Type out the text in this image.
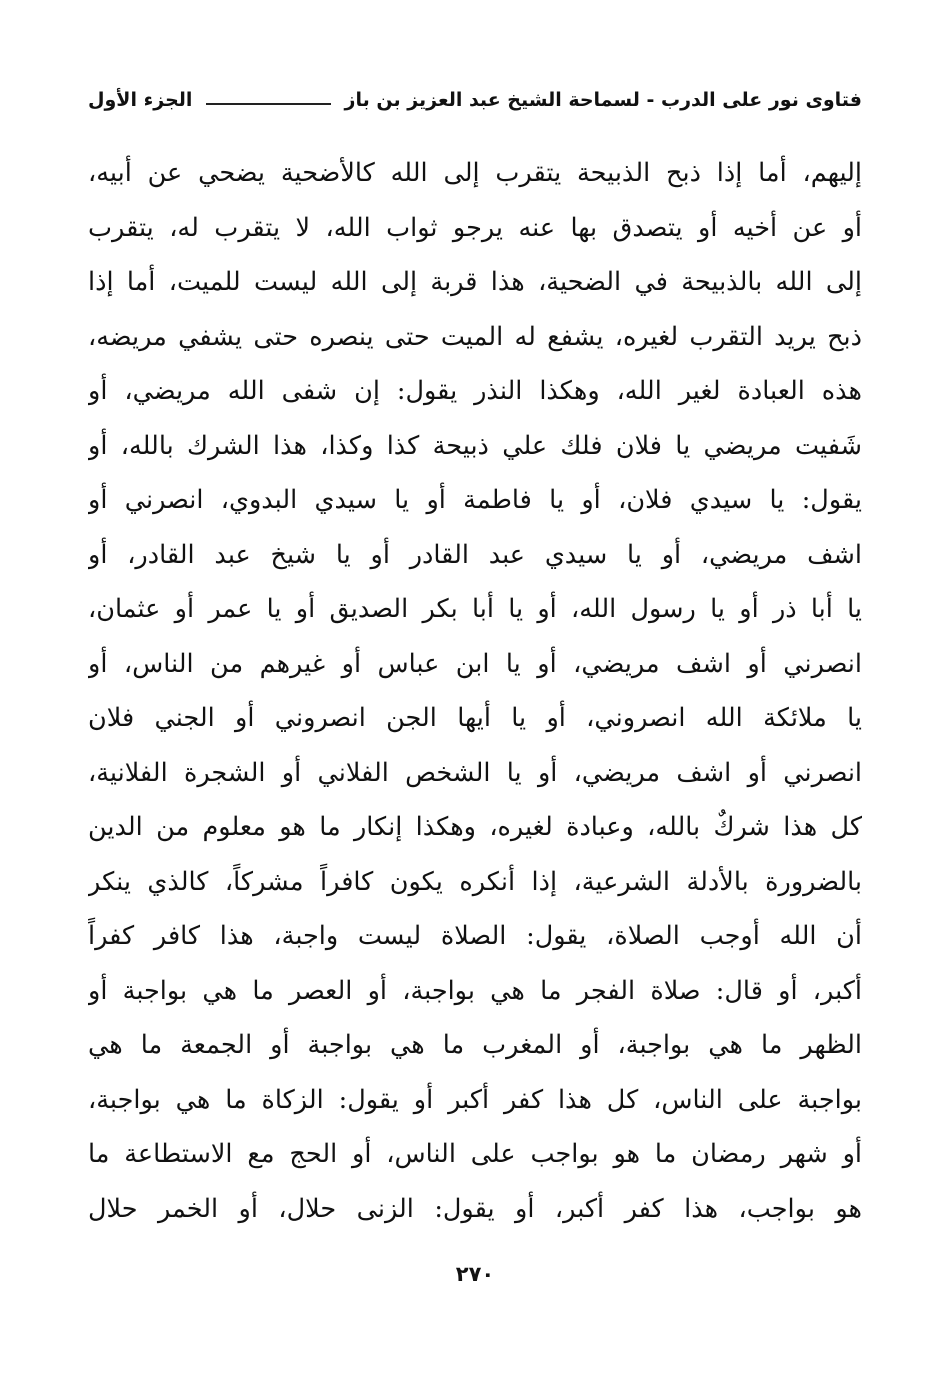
فتاوى نور على الدرب - لسماحة الشيخ عبد العزيز بن باز
الجزء الأول
إليهم، أما إذا ذبح الذبيحة يتقرب إلى الله كالأضحية يضحي عن أبيه،
أو عن أخيه أو يتصدق بها عنه يرجو ثواب الله، لا يتقرب له، يتقرب
إلى الله بالذبيحة في الضحية، هذا قربة إلى الله ليست للميت، أما إذا
ذبح يريد التقرب لغيره، يشفع له الميت حتى ينصره حتى يشفي مريضه،
هذه العبادة لغير الله، وهكذا النذر يقول: إن شفى الله مريضي، أو
شَفيت مريضي يا فلان فلك علي ذبيحة كذا وكذا، هذا الشرك بالله، أو
يقول: يا سيدي فلان، أو يا فاطمة أو يا سيدي البدوي، انصرني أو
اشف مريضي، أو يا سيدي عبد القادر أو يا شيخ عبد القادر، أو
يا أبا ذر أو يا رسول الله، أو يا أبا بكر الصديق أو يا عمر أو عثمان،
انصرني أو اشف مريضي، أو يا ابن عباس أو غيرهم من الناس، أو
يا ملائكة الله انصروني، أو يا أيها الجن انصروني أو الجني فلان
انصرني أو اشف مريضي، أو يا الشخص الفلاني أو الشجرة الفلانية،
كل هذا شركٌ بالله، وعبادة لغيره، وهكذا إنكار ما هو معلوم من الدين
بالضرورة بالأدلة الشرعية، إذا أنكره يكون كافراً مشركاً، كالذي ينكر
أن الله أوجب الصلاة، يقول: الصلاة ليست واجبة، هذا كافر كفراً
أكبر، أو قال: صلاة الفجر ما هي بواجبة، أو العصر ما هي بواجبة أو
الظهر ما هي بواجبة، أو المغرب ما هي بواجبة أو الجمعة ما هي
بواجبة على الناس، كل هذا كفر أكبر أو يقول: الزكاة ما هي بواجبة،
أو شهر رمضان ما هو بواجب على الناس، أو الحج مع الاستطاعة ما
هو بواجب، هذا كفر أكبر، أو يقول: الزنى حلال، أو الخمر حلال
٢٧٠
